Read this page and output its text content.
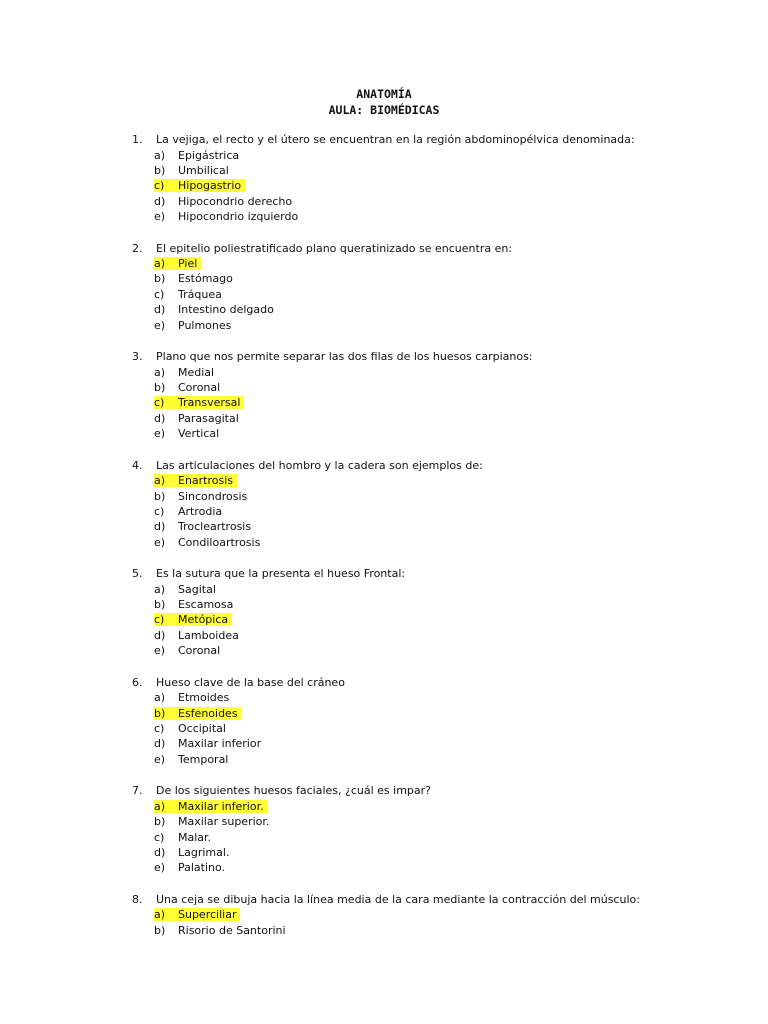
ANATOMÍA
AULA: BIOMÉDICAS
1. La vejiga, el recto y el útero se encuentran en la región abdominopélvica denominada:
a) Epigástrica
b) Umbilical
c) Hipogastrio
d) Hipocondrio derecho
e) Hipocondrio izquierdo
2. El epitelio poliestratificado plano queratinizado se encuentra en:
a) Piel
b) Estómago
c) Tráquea
d) Intestino delgado
e) Pulmones
3. Plano que nos permite separar las dos filas de los huesos carpianos:
a) Medial
b) Coronal
c) Transversal
d) Parasagital
e) Vertical
4. Las articulaciones del hombro y la cadera son ejemplos de:
a) Enartrosis
b) Sincondrosis
c) Artrodia
d) Trocleartrosis
e) Condiloartrosis
5. Es la sutura que la presenta el hueso Frontal:
a) Sagital
b) Escamosa
c) Metópica
d) Lamboidea
e) Coronal
6. Hueso clave de la base del cráneo
a) Etmoides
b) Esfenoides
c) Occipital
d) Maxilar inferior
e) Temporal
7. De los siguientes huesos faciales, ¿cuál es impar?
a) Maxilar inferior.
b) Maxilar superior.
c) Malar.
d) Lagrimal.
e) Palatino.
8. Una ceja se dibuja hacia la línea media de la cara mediante la contracción del músculo:
a) Superciliar
b) Risorio de Santorini
